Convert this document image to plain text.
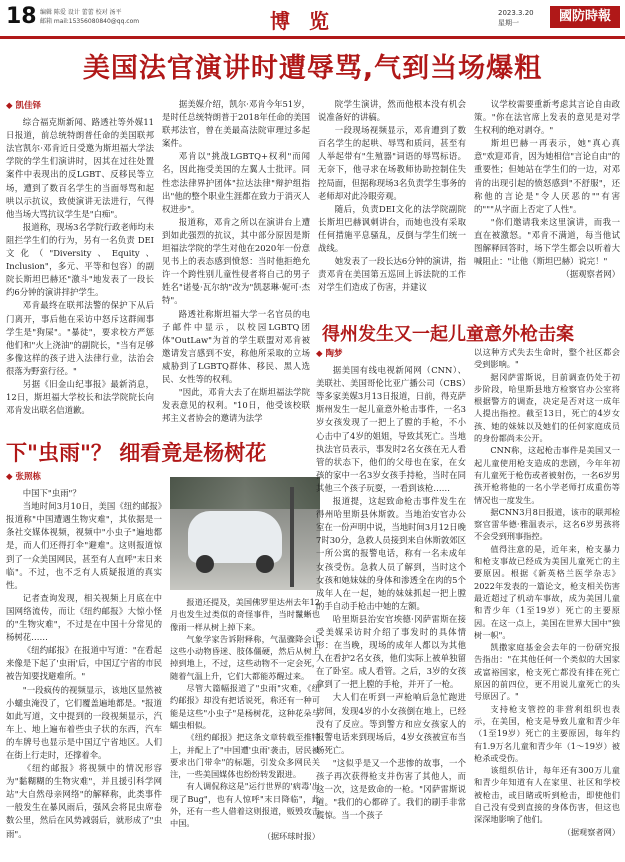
18 编辑 陈爱 设计 蕾蕾 校对 汤平
邮箱 mail:15356080840@qq.com	博 览	2023.3.20
星期一	國防時報
美国法官演讲时遭辱骂,气到当场爆粗
◆ 凯佳铎

综合福克斯新闻、路透社等外媒11日报道，前总统特朗普任命的美国联邦法官凯尔·邓肯近日受邀为斯坦福大学法学院的学生们演讲时，因其在过往处置案件中表现出的反LGBT、反移民等立场，遭到了数百名学生的当面辱骂和起哄以示抗议，致使演讲无法进行，气得他当场大骂抗议学生是"白痴"。

报道称，现场3名学院行政老师均未阻拦学生们的行为，另有一名负责 DEI 文化（"Diversity、Equity、Inclusion"，多元、平等和包容）的副院长斯坦巴赫还"激斗"地发表了一段长约6分钟的演讲拌护学生。

邓肯最终在联邦法警的保护下从后门离开，事后他在采访中怒斥这群闹事学生是"狗屎"。"暴徒"，要求校方严惩他们和"火上浇油"的副院长，"当有足够多像这样的孩子进入法律行业，法治会很落为野蛮行径。"

另据《旧金山纪事报》最新消息，12日，斯坦福大学校长和法学院院长向邓肯发出联名信道歉。

据美媒介绍，凯尔·邓肯今年51岁，是时任总统特朗普于2018年任命的美国联邦法官，曾在美最高法院审理过多起案件。

邓肯以"挑战LGBTQ+权利"而闻名，因此拖受美国的左翼人士批评。同性恋法律界护团体"拉达法律"辩护组指出"他的整个职业生涯都在致力于消灭人权进步"。

报道称，邓肯之所以在演讲台上遭到如此强烈的抗议，其中部分原因是斯坦福法学院的学生对他在2020年一份意见书上的表态感到愤怒：当时他拒绝允许一个跨性别儿童性侵者将自己的男子姓名"诺曼·瓦尔纳"改为"凯瑟琳·妮可·杰特"。

路透社称斯坦福大学一名官员的电子邮件中显示，以校园LGBTQ团体"OutLaw"为首的学生联盟对邓肯被邀请发言感到不安，称他所采取的立场威胁到了LGBTQ群体、移民、黑人选民、女性等的权利。

"因此，邓肯大去了在斯坦福法学院发表意见的权利。"10日，他受该校联邦主义者协会的邀请为法学

院学生演讲，然而他根本没有机会说准备好的讲稿。

一段现场视频显示，邓肯遭到了数百名学生的起哄、辱骂和质问，甚至有人举起带有"生殖器"词语的辱骂标语。无奈下，他寻求在场教师协助控制住失控局面，但据称现场3名负责学生事务的老师却对此冷眼旁观。

随后，负责DEI文化的法学院副院长斯坦巴赫讽刺讲台，而她也没有采取任何措施平息骚乱，反倒与学生们统一战线。

她发表了一段长达6分钟的演讲，指责邓肯在美国第五巡回上诉法院的工作对学生们造成了伤害，并建议

议学校需要重新考虑其言论自由政策。"你在法官席上发表的意见是对学生权利的绝对剥夺。"

斯坦巴赫一再表示，她"真心真意"欢迎邓肯，因为她相信"言论自由"的重要性；但她站在学生们的一边，对邓肯的出现引起的愤怒感到"不舒服"，还称他的言论是"令人厌恶的""有害的"""从字面上否定了人性"。

"你们邀请我来这里演讲，而我一直在被激怒。"邓肯不满道，每当他试图解释回答时，场下学生都会以听着大喊阻止："让他（斯坦巴赫）说完！"

（据观察者网）

下"虫雨"？ 细看竟是杨树花
◆ 张照栋

中国下"虫雨"？

当地时间3月10日，美国《纽约邮报》报道称"中国遭遇生物灾难"，其依据是一条社交媒体视频，视频中"小虫子"遍地都是，而人们还得打伞"避难"。这则报道惊到了一众美国网民，甚至有人直呼"末日来临"。不过，也不乏有人质疑报道的真实性。

记者查询发现，相关视频上月底在中国网络流传，而让《纽约邮报》大惊小怪的"生物灾难"，不过是在中国十分常见的杨树花……

《纽约邮报》在报道中写道："在看起来像是下起了'虫雨'后，中国辽宁省的市民被告知要找避难所。"

"一段疯传的视频显示，该地区显然被小蠕虫淹没了，它们覆盖遍地都是。"报道如此写道，文中提到的一段视频显示，汽车上、地上遍布着些虫子状的东西，汽车的车牌号也显示是中国辽宁省地区。人们在街上行走时，还撑着伞。

《纽约邮报》将视频中的情况形容为"黏糊糊的生物灾难"，并且援引科学网站"大自然母亲网络"的解释称，此类事件一般发生在暴风雨后，强风会将昆虫席卷数公里，然后在风势减弱后，就形成了"虫雨"。

报道还提及，美国佛罗里达州去年12月也发生过类似的奇怪事件，当时鬣蜥也像雨一样从树上掉下来。

气象学家告诉附释称，气温骤降会让这些小动物昏迷、肢体僵硬，然后从树上掉到地上，不过，这些动物不一定会死，随着气温上升，它们大都能苏醒过来。

尽管大篇幅报道了"虫雨"灾难，《纽约邮报》却没有把话说死，称还有一种可能是这些"小虫子"是杨树花，这种花朵与蠕虫相似。

《纽约邮报》把这条文章转载至推特上，并配上了"中国遭'虫雨'袭击，居民被要求出门带伞"的标题，引发众多网民关注，一些美国媒体也纷纷转发跟进。

有人调侃称这是"运行世界的'病毒'出现了Bug"，也有人惊呼"末日降临"，此外，还有一些人借着这则报道，贩毁攻击中国。

（据环球时报）

得州发生又一起儿童意外枪击案
◆ 陶梦

据美国有线电视新闻网（CNN）、美联社、美国哥伦比亚广播公司（CBS）等多家美媒3月13日报道，日前，得克萨斯州发生一起儿童意外枪击事件，一名3岁女孩发现了一把上了膛的手枪，不小心击中了4岁的姐姐，导致其死亡。当地执法官员表示，事发时2名女孩在无人看管的状态下，他们的父母也在家，在女孩的家中一名3岁女孩手持枪，当时在同其他三个孩子玩耍，一看到该枪……

报道提，这起致命枪击事件发生在得州哈里斯县休斯敦。当地治安官办公室在一份声明中说，当地时间3月12日晚7时30分，急救人员接到来自休斯敦郊区一所公寓的报警电话，称有一名未成年女孩受伤。急救人员了解到，当时这个女孩和她妹妹的身体和渗透全在肉的5个成年人在一起，她的妹妹抓起一把上膛的手自动手枪击中她的左额。

哈里斯县治安官埃德·冈萨雷斯在接受美媒采访时介绍了事发时的具体情形：在当晚，现场的成年人都以为其他人在看护2名女孩，他们实际上被单独留在了卧室。成人看管。之后，3岁的女孩拿到了一把上膛的手枪，并开了一枪。

大人们在听到一声枪响后急忙跑进房间，发现4岁的小女孩倒在地上，已经没有了反应。等到警方和应女孩家人的报警电话来到现场后，4岁女孩被宣布当场死亡。

"这似乎是又一个悲惨的故事，一个孩子再次获得枪支并伤害了其他人，而这一次，这是致命的一枪。"冈萨雷斯说道。"我们的心都碎了。我们的刷手非常震惊。当一个孩子

以这种方式失去生命时，整个社区都会受到影响。"

据冈萨雷斯说，目前调查仍处于初步阶段，哈里斯县地方检察官办公室将根据警方的调查，决定是否对这一成年人提出指控。截至13日，死亡的4岁女孩、她的妹妹以及她们的任何家庭成员的身份都尚未公开。

CNN称，这起枪击事件是美国又一起儿童使用枪支造成的悲剧，今年年初有儿童死于枪伤或者被射伤，一名6岁男孩开枪将他的一名小学老师打成重伤等情况也一度发生。

据CNN3月8日报道，该市的联邦检察官雷华德·雅温表示，这名6岁男孩将不会受到刑事指控。

值得注意的是，近年来，枪支暴力和枪支事故已经成为美国儿童死亡的主要原因。根据《新英格兰医学杂志》2022年发表的一篇论文，枪支相关伤害最近超过了机动车事故，成为美国儿童和青少年（1至19岁）死亡的主要原因。在这一点上，美国在世界大国中"独树一帜"。

凯撒家庭基金会去年的一份研究报告指出："在其他任何一个类似的大国家或富裕国家，枪支死亡都没有排在死亡原因的前四位，更不用说儿童死亡的头号原因了。"

支持枪支管控的非营利组织也表示，在美国，枪支是导致儿童和青少年（1至19岁）死亡的主要原因，每年约有1.9万名儿童和青少年（1～19岁）被枪杀或受伤。

该组织估计，每年还有300万儿童和青少年知道有人在家里、社区和学校被枪击，或目睹或听到枪击，即使他们自己没有受到直接的身体伤害，但这也深深地影响了他们。

（据观察者网）
